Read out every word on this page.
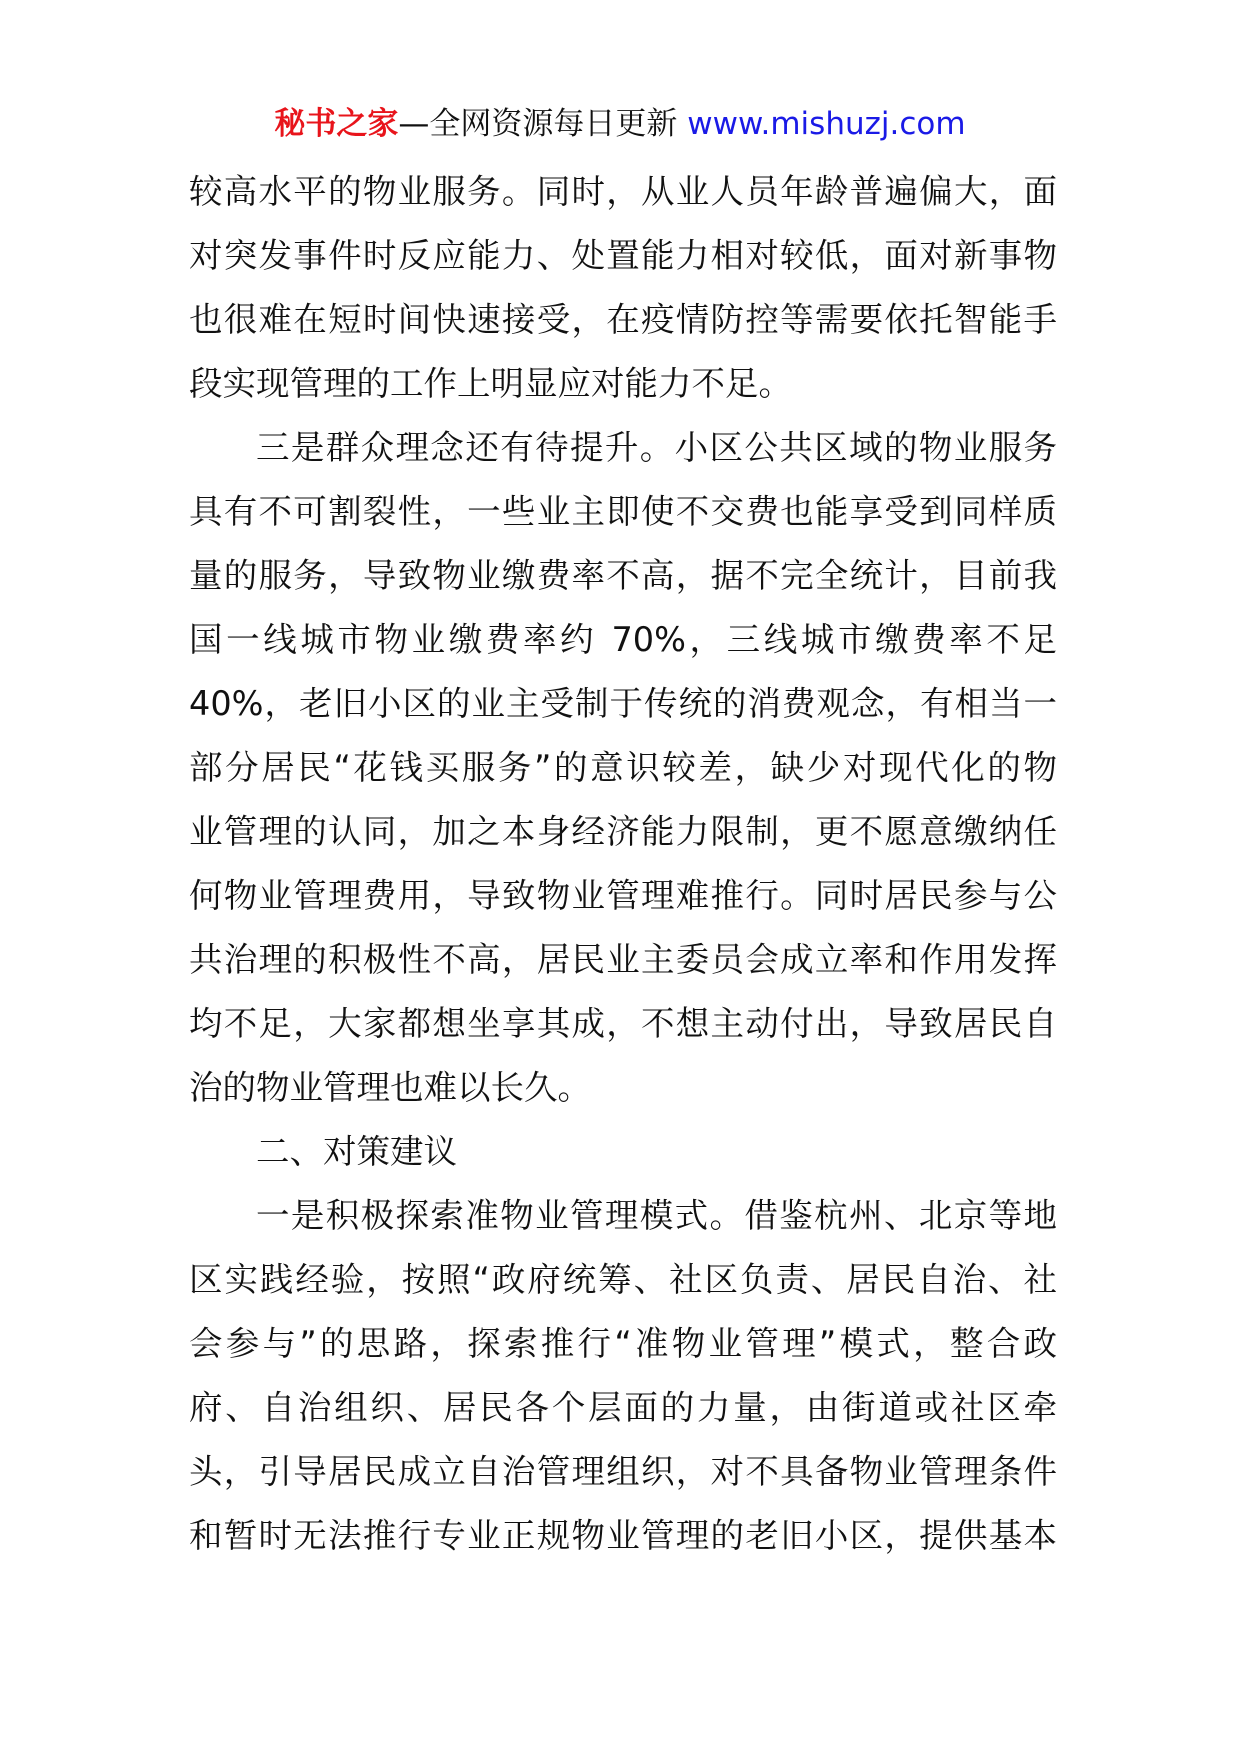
秘书之家—全网资源每日更新 www.mishuzj.com
较高水平的物业服务。同时，从业人员年龄普遍偏大，面
对突发事件时反应能力、处置能力相对较低，面对新事物
也很难在短时间快速接受，在疫情防控等需要依托智能手
段实现管理的工作上明显应对能力不足。
三是群众理念还有待提升。小区公共区域的物业服务
具有不可割裂性，一些业主即使不交费也能享受到同样质
量的服务，导致物业缴费率不高，据不完全统计，目前我
国一线城市物业缴费率约 70%，三线城市缴费率不足
40%，老旧小区的业主受制于传统的消费观念，有相当一
部分居民“花钱买服务”的意识较差，缺少对现代化的物
业管理的认同，加之本身经济能力限制，更不愿意缴纳任
何物业管理费用，导致物业管理难推行。同时居民参与公
共治理的积极性不高，居民业主委员会成立率和作用发挥
均不足，大家都想坐享其成，不想主动付出，导致居民自
治的物业管理也难以长久。
二、对策建议
一是积极探索准物业管理模式。借鉴杭州、北京等地
区实践经验，按照“政府统筹、社区负责、居民自治、社
会参与”的思路，探索推行“准物业管理”模式，整合政
府、自治组织、居民各个层面的力量，由街道或社区牵
头，引导居民成立自治管理组织，对不具备物业管理条件
和暂时无法推行专业正规物业管理的老旧小区，提供基本
